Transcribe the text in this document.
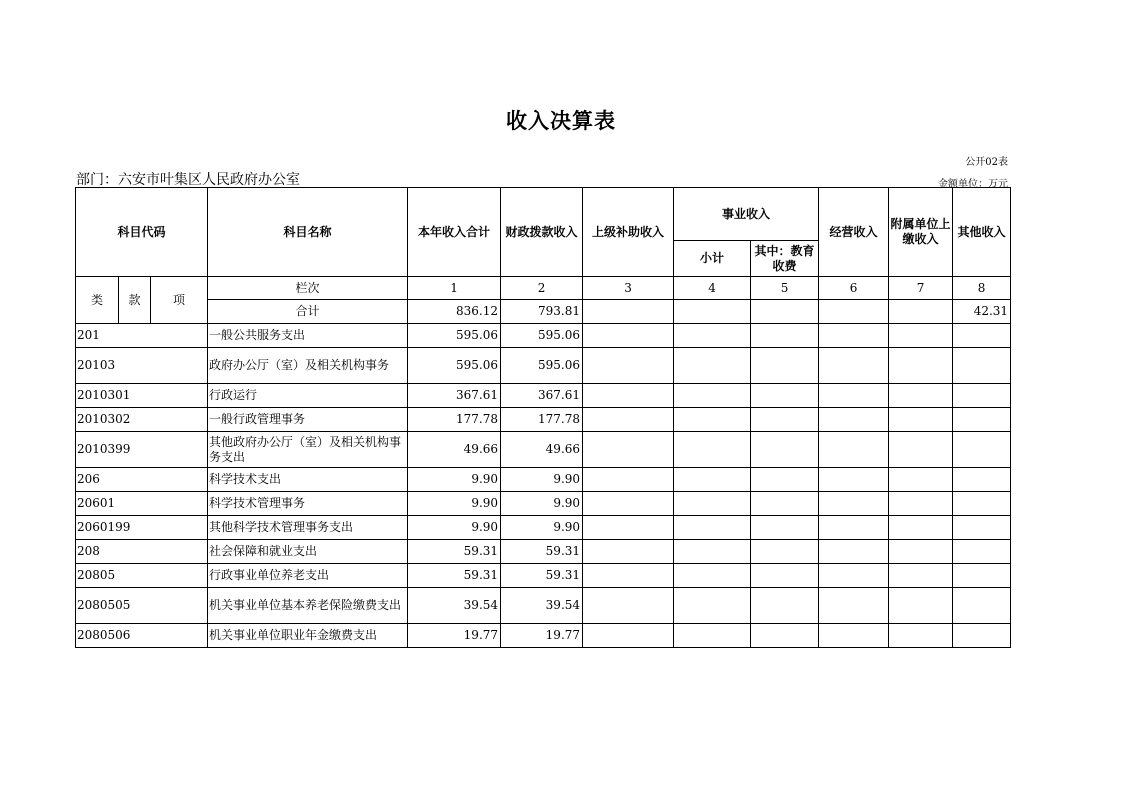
收入决算表
公开02表
部门：六安市叶集区人民政府办公室	金额单位：万元
科目代码			科目名称	本年收入合计	财政拨款收入	上级补助收入	事业收入		经营收入	附属单位上缴收入	其他收入
							小计	其中：教育收费			
类	款	项	栏次	1	2	3	4	5	6	7	8
			合计	836.12	793.81						42.31
201			一般公共服务支出	595.06	595.06						
20103			政府办公厅（室）及相关机构事务	595.06	595.06						
2010301			行政运行	367.61	367.61						
2010302			一般行政管理事务	177.78	177.78						
2010399			其他政府办公厅（室）及相关机构事务支出	49.66	49.66						
206			科学技术支出	9.90	9.90						
20601			科学技术管理事务	9.90	9.90						
2060199			其他科学技术管理事务支出	9.90	9.90						
208			社会保障和就业支出	59.31	59.31						
20805			行政事业单位养老支出	59.31	59.31						
2080505			机关事业单位基本养老保险缴费支出	39.54	39.54						
2080506			机关事业单位职业年金缴费支出	19.77	19.77						
